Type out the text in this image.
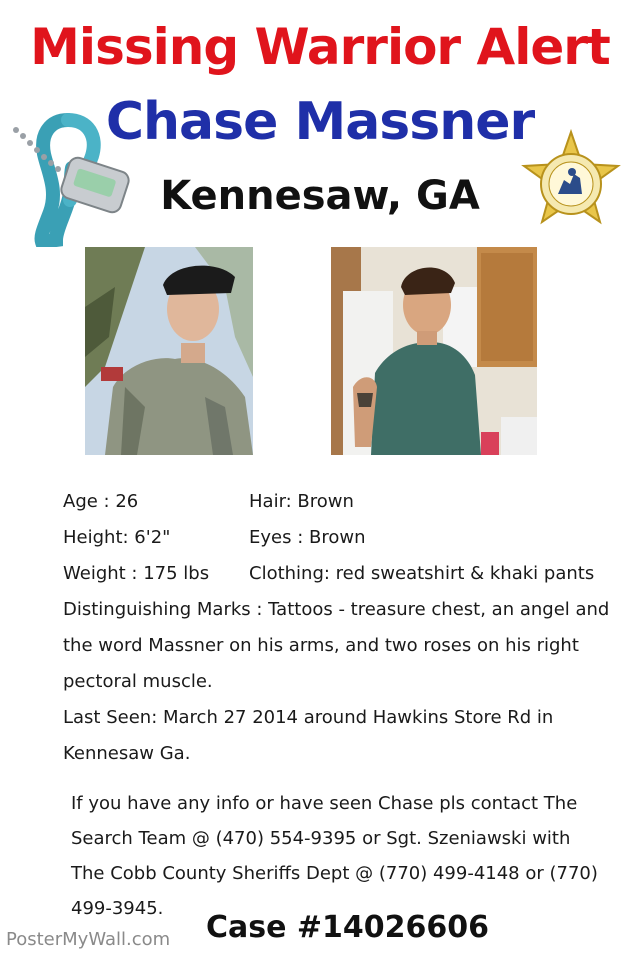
Missing Warrior Alert
Chase Massner
Kennesaw, GA
Age : 26	Hair: Brown
Height: 6'2"	Eyes : Brown
Weight : 175 lbs Clothing: red sweatshirt & khaki pants
Distinguishing Marks : Tattoos - treasure chest, an angel and the word Massner on his arms, and two roses on his right pectoral muscle.
Last Seen: March 27 2014 around Hawkins Store Rd in Kennesaw Ga.
If you have any info or have seen Chase pls contact The Search Team @ (470) 554-9395 or Sgt. Szeniawski with The Cobb County Sheriffs Dept @ (770) 499-4148 or (770) 499-3945.
Case #14026606
PosterMyWall.com
